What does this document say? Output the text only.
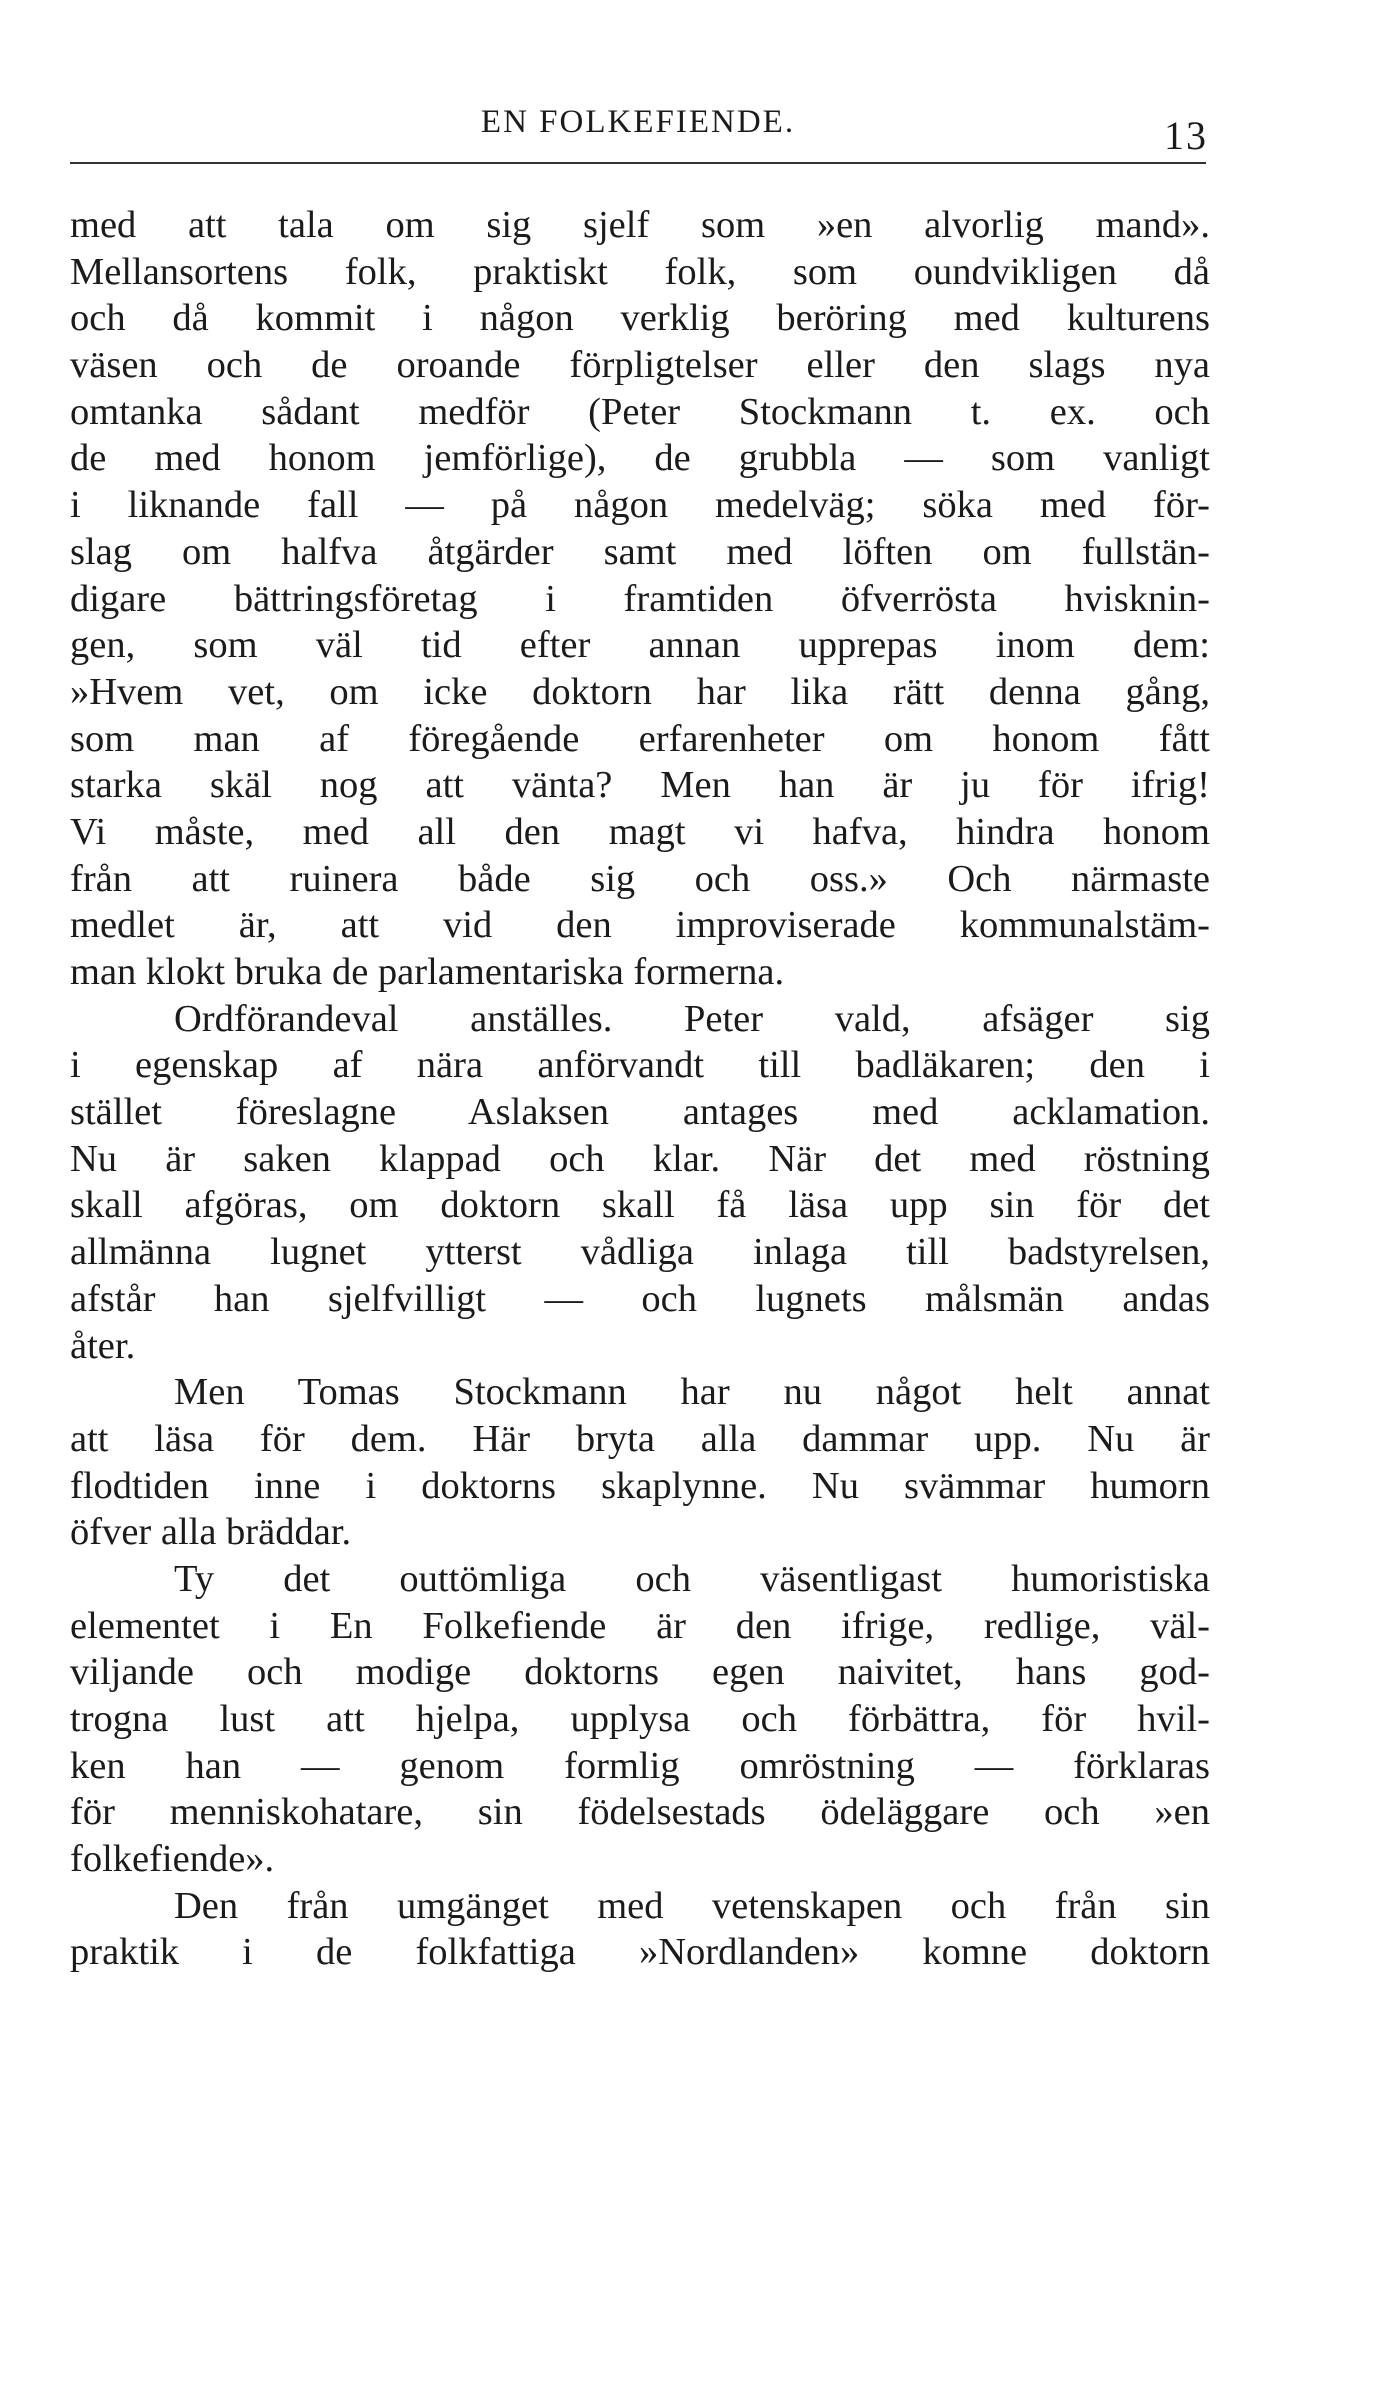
EN FOLKEFIENDE.	13
med att tala om sig sjelf som »en alvorlig mand».
Mellansortens folk, praktiskt folk, som oundvikligen då
och då kommit i någon verklig beröring med kulturens
väsen och de oroande förpligtelser eller den slags nya
omtanka sådant medför (Peter Stockmann t. ex. och
de med honom jemförlige), de grubbla — som vanligt
i liknande fall — på någon medelväg; söka med för-
slag om halfva åtgärder samt med löften om fullstän-
digare bättringsföretag i framtiden öfverrösta hvisknin-
gen, som väl tid efter annan upprepas inom dem:
»Hvem vet, om icke doktorn har lika rätt denna gång,
som man af föregående erfarenheter om honom fått
starka skäl nog att vänta? Men han är ju för ifrig!
Vi måste, med all den magt vi hafva, hindra honom
från att ruinera både sig och oss.» Och närmaste
medlet är, att vid den improviserade kommunalstäm-
man klokt bruka de parlamentariska formerna.
Ordförandeval anställes. Peter vald, afsäger sig
i egenskap af nära anförvandt till badläkaren; den i
stället föreslagne Aslaksen antages med acklamation.
Nu är saken klappad och klar. När det med röstning
skall afgöras, om doktorn skall få läsa upp sin för det
allmänna lugnet ytterst vådliga inlaga till badstyrelsen,
afstår han sjelfvilligt — och lugnets målsmän andas
åter.
Men Tomas Stockmann har nu något helt annat
att läsa för dem. Här bryta alla dammar upp. Nu är
flodtiden inne i doktorns skaplynne. Nu svämmar humorn
öfver alla bräddar.
Ty det outtömliga och väsentligast humoristiska
elementet i En Folkefiende är den ifrige, redlige, väl-
viljande och modige doktorns egen naivitet, hans god-
trogna lust att hjelpa, upplysa och förbättra, för hvil-
ken han — genom formlig omröstning — förklaras
för menniskohatare, sin födelsestads ödeläggare och »en
folkefiende».
Den från umgänget med vetenskapen och från sin
praktik i de folkfattiga »Nordlanden» komne doktorn
